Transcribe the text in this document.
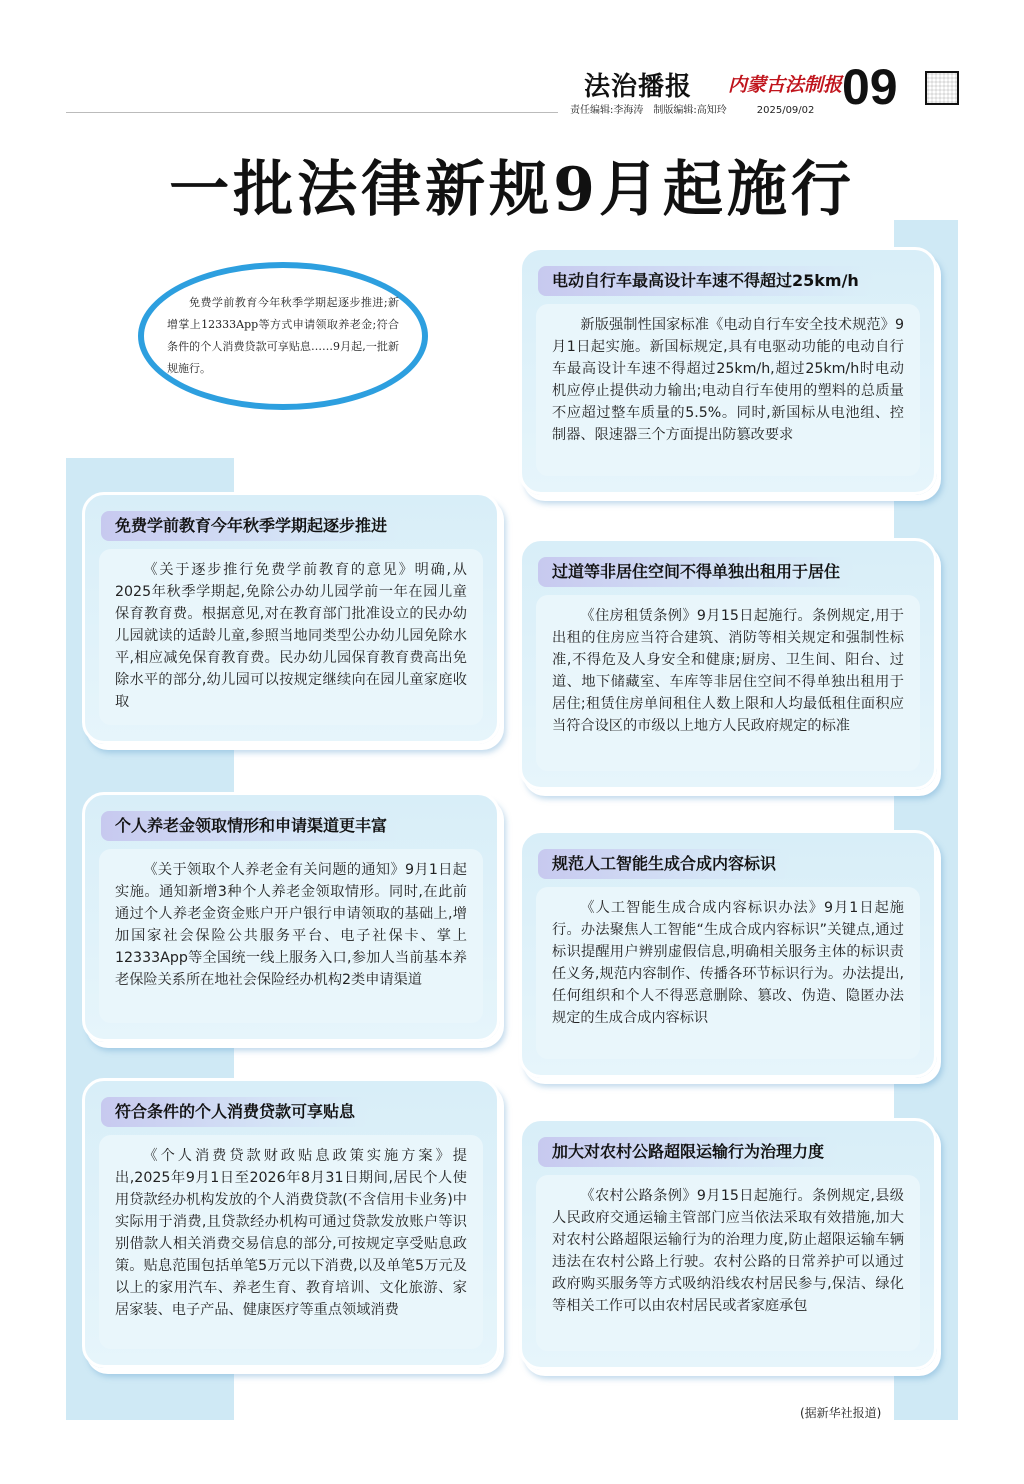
法治播报 内蒙古法制报 09
责任编辑:李海涛 制版编辑:高知玲	2025/09/02
一批法律新规9月起施行
免费学前教育今年秋季学期起逐步推进;新增掌上12333App等方式申请领取养老金;符合条件的个人消费贷款可享贴息……9月起,一批新规施行。
电动自行车最高设计车速不得超过25km/h
新版强制性国家标准《电动自行车安全技术规范》9月1日起实施。新国标规定,具有电驱动功能的电动自行车最高设计车速不得超过25km/h,超过25km/h时电动机应停止提供动力输出;电动自行车使用的塑料的总质量不应超过整车质量的5.5%。同时,新国标从电池组、控制器、限速器三个方面提出防篡改要求
免费学前教育今年秋季学期起逐步推进
《关于逐步推行免费学前教育的意见》明确,从2025年秋季学期起,免除公办幼儿园学前一年在园儿童保育教育费。根据意见,对在教育部门批准设立的民办幼儿园就读的适龄儿童,参照当地同类型公办幼儿园免除水平,相应减免保育教育费。民办幼儿园保育教育费高出免除水平的部分,幼儿园可以按规定继续向在园儿童家庭收取
过道等非居住空间不得单独出租用于居住
《住房租赁条例》9月15日起施行。条例规定,用于出租的住房应当符合建筑、消防等相关规定和强制性标准,不得危及人身安全和健康;厨房、卫生间、阳台、过道、地下储藏室、车库等非居住空间不得单独出租用于居住;租赁住房单间租住人数上限和人均最低租住面积应当符合设区的市级以上地方人民政府规定的标准
个人养老金领取情形和申请渠道更丰富
《关于领取个人养老金有关问题的通知》9月1日起实施。通知新增3种个人养老金领取情形。同时,在此前通过个人养老金资金账户开户银行申请领取的基础上,增加国家社会保险公共服务平台、电子社保卡、掌上12333App等全国统一线上服务入口,参加人当前基本养老保险关系所在地社会保险经办机构2类申请渠道
规范人工智能生成合成内容标识
《人工智能生成合成内容标识办法》9月1日起施行。办法聚焦人工智能“生成合成内容标识”关键点,通过标识提醒用户辨别虚假信息,明确相关服务主体的标识责任义务,规范内容制作、传播各环节标识行为。办法提出,任何组织和个人不得恶意删除、篡改、伪造、隐匿办法规定的生成合成内容标识
符合条件的个人消费贷款可享贴息
《个人消费贷款财政贴息政策实施方案》提出,2025年9月1日至2026年8月31日期间,居民个人使用贷款经办机构发放的个人消费贷款(不含信用卡业务)中实际用于消费,且贷款经办机构可通过贷款发放账户等识别借款人相关消费交易信息的部分,可按规定享受贴息政策。贴息范围包括单笔5万元以下消费,以及单笔5万元及以上的家用汽车、养老生育、教育培训、文化旅游、家居家装、电子产品、健康医疗等重点领域消费
加大对农村公路超限运输行为治理力度
《农村公路条例》9月15日起施行。条例规定,县级人民政府交通运输主管部门应当依法采取有效措施,加大对农村公路超限运输行为的治理力度,防止超限运输车辆违法在农村公路上行驶。农村公路的日常养护可以通过政府购买服务等方式吸纳沿线农村居民参与,保洁、绿化等相关工作可以由农村居民或者家庭承包
(据新华社报道)
